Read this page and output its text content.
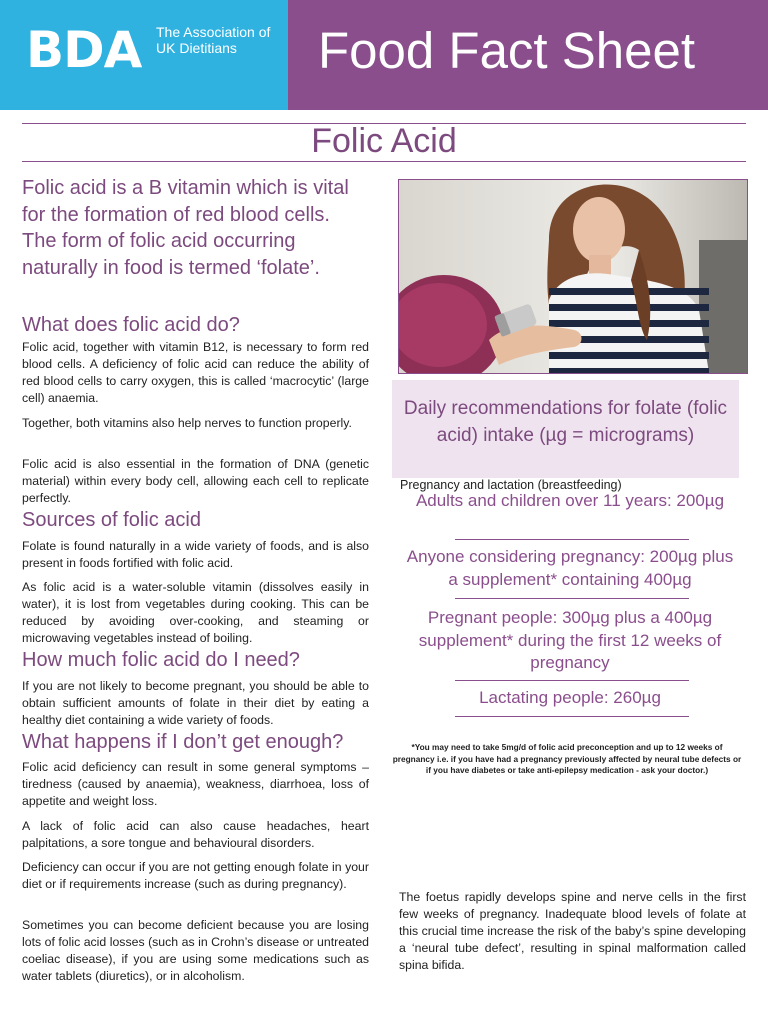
BDA	The Association of UK Dietitians	Food Fact Sheet
Folic Acid
Folic acid is a B vitamin which is vital for the formation of red blood cells. The form of folic acid occurring naturally in food is termed ‘folate’.
What does folic acid do?

Folic acid, together with vitamin B12, is necessary to form red blood cells. A deficiency of folic acid can reduce the ability of red blood cells to carry oxygen, this is called ‘macrocytic’ (large cell) anaemia.

Together, both vitamins also help nerves to function properly.

Folic acid is also essential in the formation of DNA (genetic material) within every body cell, allowing each cell to replicate perfectly.

Sources of folic acid

Folate is found naturally in a wide variety of foods, and is also present in foods fortified with folic acid.

As folic acid is a water-soluble vitamin (dissolves easily in water), it is lost from vegetables during cooking. This can be reduced by avoiding over-cooking, and steaming or microwaving vegetables instead of boiling.

How much folic acid do I need?

If you are not likely to become pregnant, you should be able to obtain sufficient amounts of folate in their diet by eating a healthy diet containing a wide variety of foods.

What happens if I don’t get enough?

Folic acid deficiency can result in some general symptoms – tiredness (caused by anaemia), weakness, diarrhoea, loss of appetite and weight loss.

A lack of folic acid can also cause headaches, heart palpitations, a sore tongue and behavioural disorders.

Deficiency can occur if you are not getting enough folate in your diet or if requirements increase (such as during pregnancy).

Sometimes you can become deficient because you are losing lots of folic acid losses (such as in Crohn’s disease or untreated coeliac disease), if you are using some medications such as water tablets (diuretics), or in alcoholism.

Daily recommendations for folate (folic acid) intake (µg = micrograms)
Pregnancy and lactation (breastfeeding)
Adults and children over 11 years: 200µg
Anyone considering pregnancy: 200µg plus a supplement* containing 400µg
Pregnant people: 300µg plus a 400µg supplement* during the first 12 weeks of pregnancy
Lactating people: 260µg
*You may need to take 5mg/d of folic acid preconception and up to 12 weeks of pregnancy i.e. if you have had a pregnancy previously affected by neural tube defects or if you have diabetes or take anti-epilepsy medication - ask your doctor.)
The foetus rapidly develops spine and nerve cells in the first few weeks of pregnancy. Inadequate blood levels of folate at this crucial time increase the risk of the baby’s spine developing a ‘neural tube defect’, resulting in spinal malformation called spina bifida.
